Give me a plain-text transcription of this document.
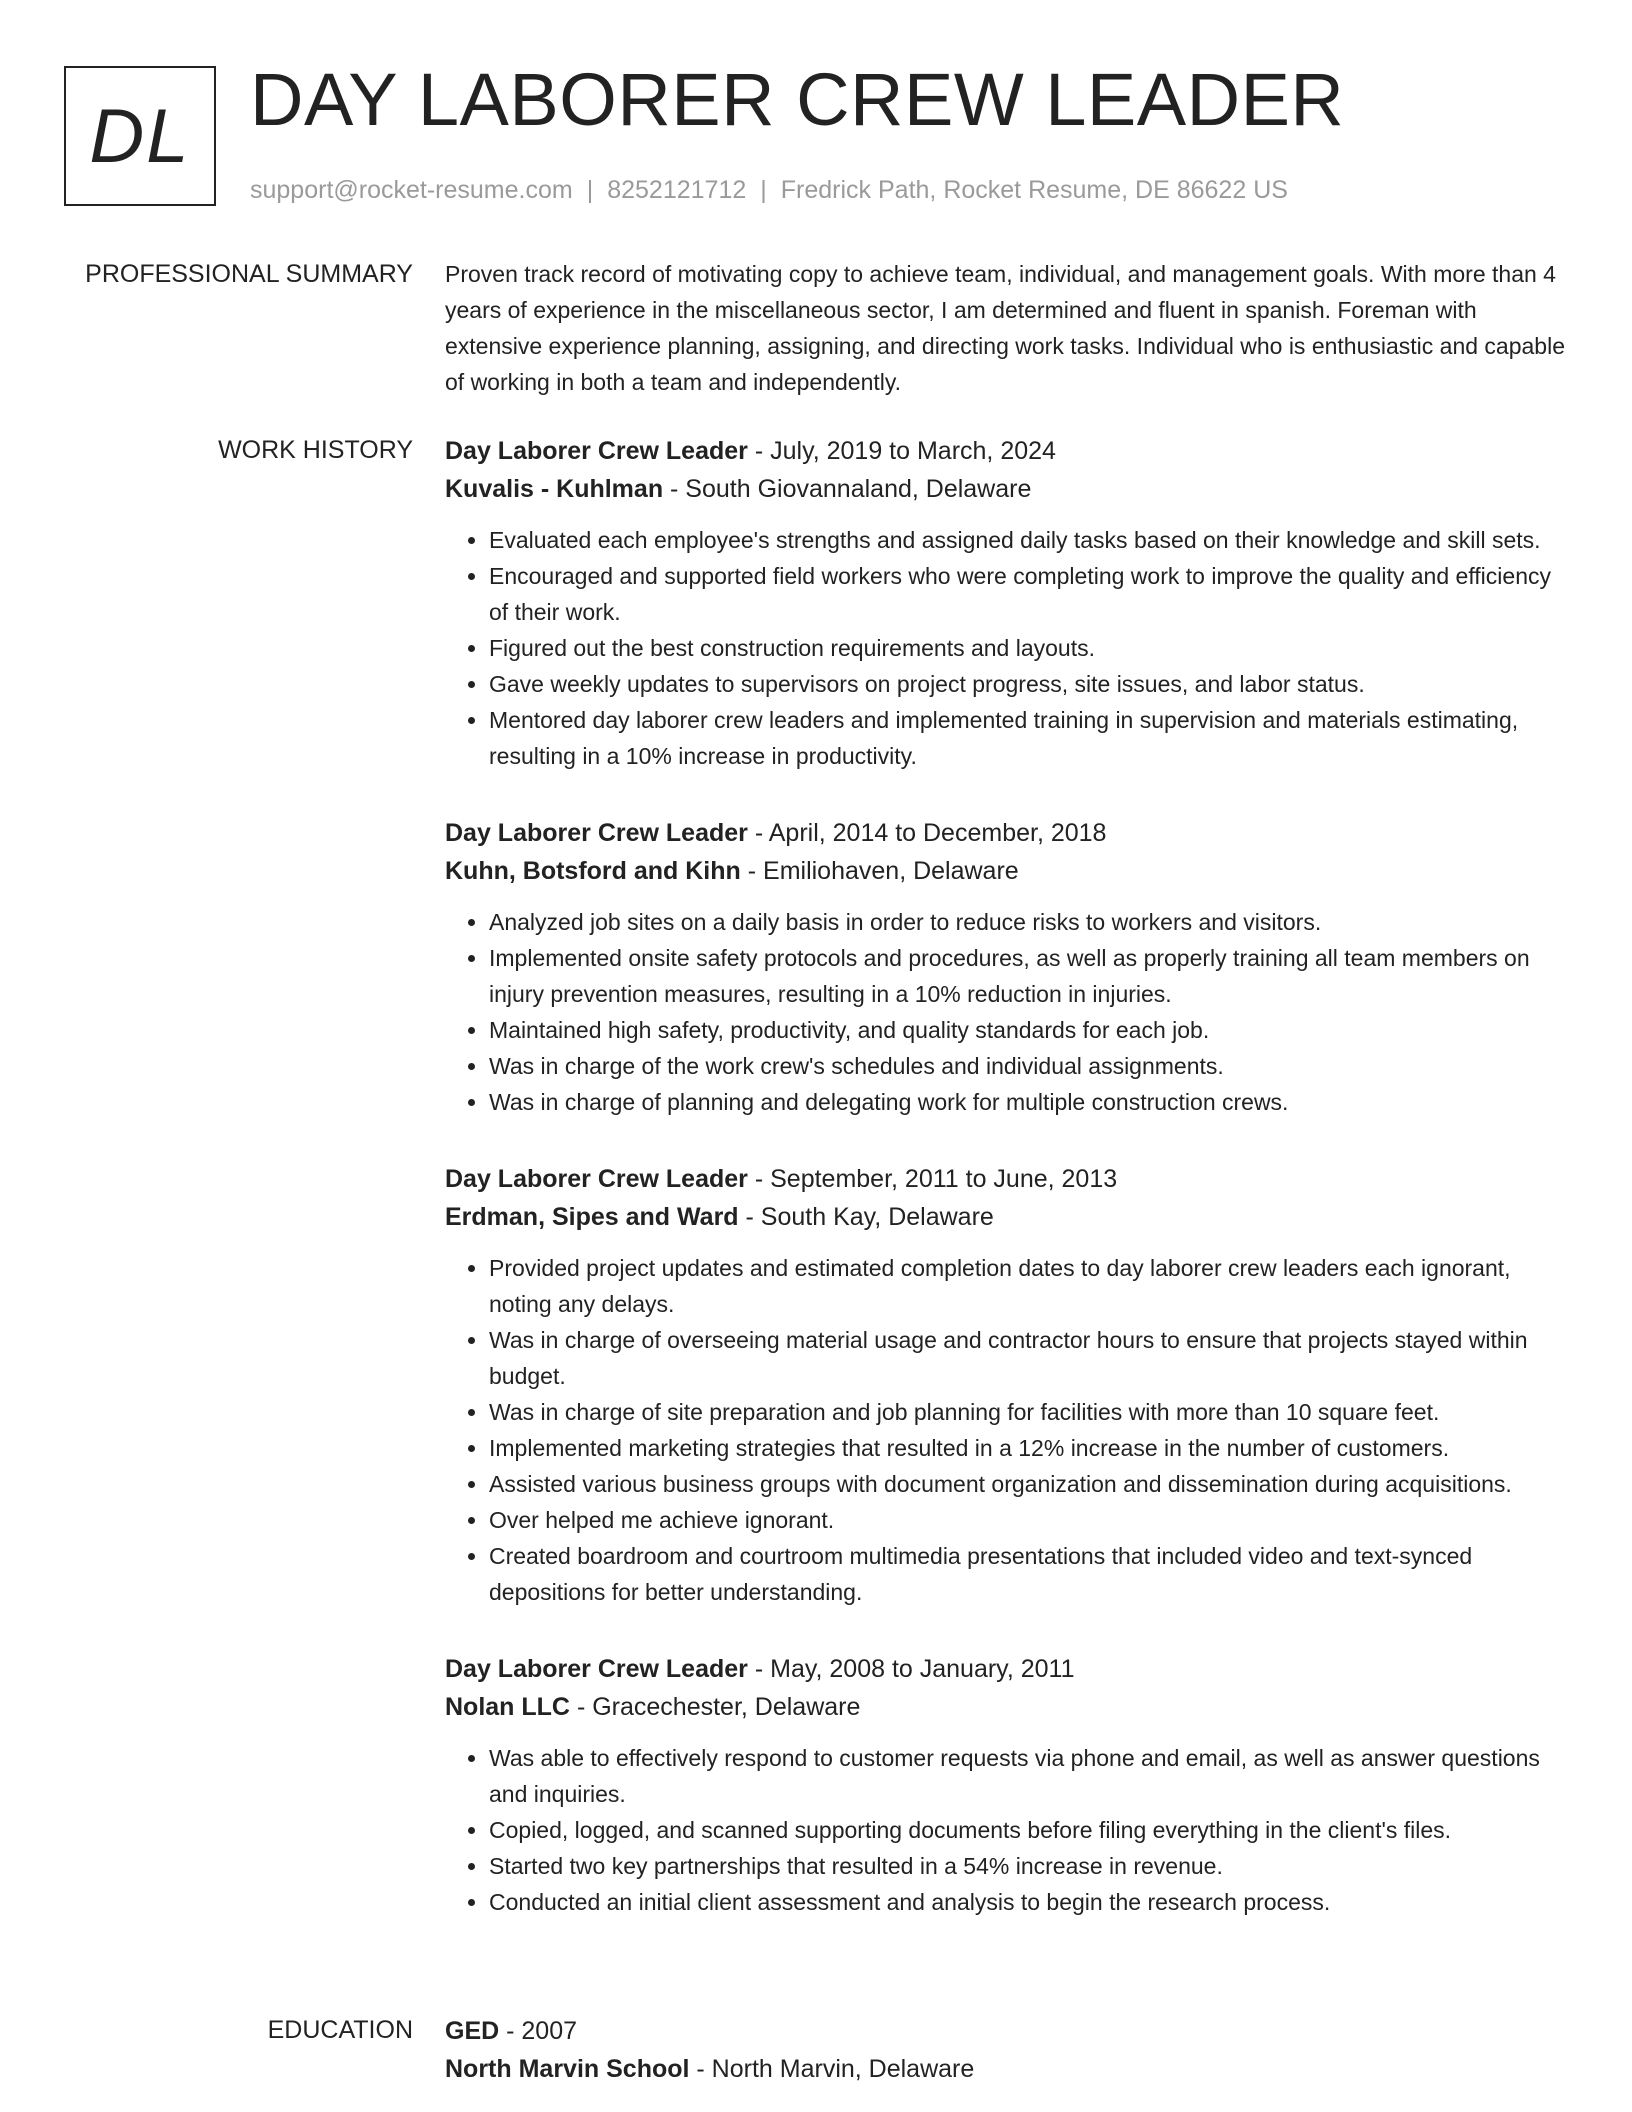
DL DAY LABORER CREW LEADER
support@rocket-resume.com | 8252121712 | Fredrick Path, Rocket Resume, DE 86622 US
PROFESSIONAL SUMMARY Proven track record of motivating copy to achieve team, individual, and management goals. With more than 4 years of experience in the miscellaneous sector, I am determined and fluent in spanish. Foreman with extensive experience planning, assigning, and directing work tasks. Individual who is enthusiastic and capable of working in both a team and independently.

WORK HISTORY Day Laborer Crew Leader - July, 2019 to March, 2024
Kuvalis - Kuhlman - South Giovannaland, Delaware
• Evaluated each employee's strengths and assigned daily tasks based on their knowledge and skill sets.
• Encouraged and supported field workers who were completing work to improve the quality and efficiency of their work.
• Figured out the best construction requirements and layouts.
• Gave weekly updates to supervisors on project progress, site issues, and labor status.
• Mentored day laborer crew leaders and implemented training in supervision and materials estimating, resulting in a 10% increase in productivity.
Day Laborer Crew Leader - April, 2014 to December, 2018
Kuhn, Botsford and Kihn - Emiliohaven, Delaware
• Analyzed job sites on a daily basis in order to reduce risks to workers and visitors.
• Implemented onsite safety protocols and procedures, as well as properly training all team members on injury prevention measures, resulting in a 10% reduction in injuries.
• Maintained high safety, productivity, and quality standards for each job.
• Was in charge of the work crew's schedules and individual assignments.
• Was in charge of planning and delegating work for multiple construction crews.
Day Laborer Crew Leader - September, 2011 to June, 2013
Erdman, Sipes and Ward - South Kay, Delaware
• Provided project updates and estimated completion dates to day laborer crew leaders each ignorant, noting any delays.
• Was in charge of overseeing material usage and contractor hours to ensure that projects stayed within budget.
• Was in charge of site preparation and job planning for facilities with more than 10 square feet.
• Implemented marketing strategies that resulted in a 12% increase in the number of customers.
• Assisted various business groups with document organization and dissemination during acquisitions.
• Over helped me achieve ignorant.
• Created boardroom and courtroom multimedia presentations that included video and text-synced depositions for better understanding.
Day Laborer Crew Leader - May, 2008 to January, 2011
Nolan LLC - Gracechester, Delaware
• Was able to effectively respond to customer requests via phone and email, as well as answer questions and inquiries.
• Copied, logged, and scanned supporting documents before filing everything in the client's files.
• Started two key partnerships that resulted in a 54% increase in revenue.
• Conducted an initial client assessment and analysis to begin the research process.
EDUCATION GED - 2007
North Marvin School - North Marvin, Delaware
